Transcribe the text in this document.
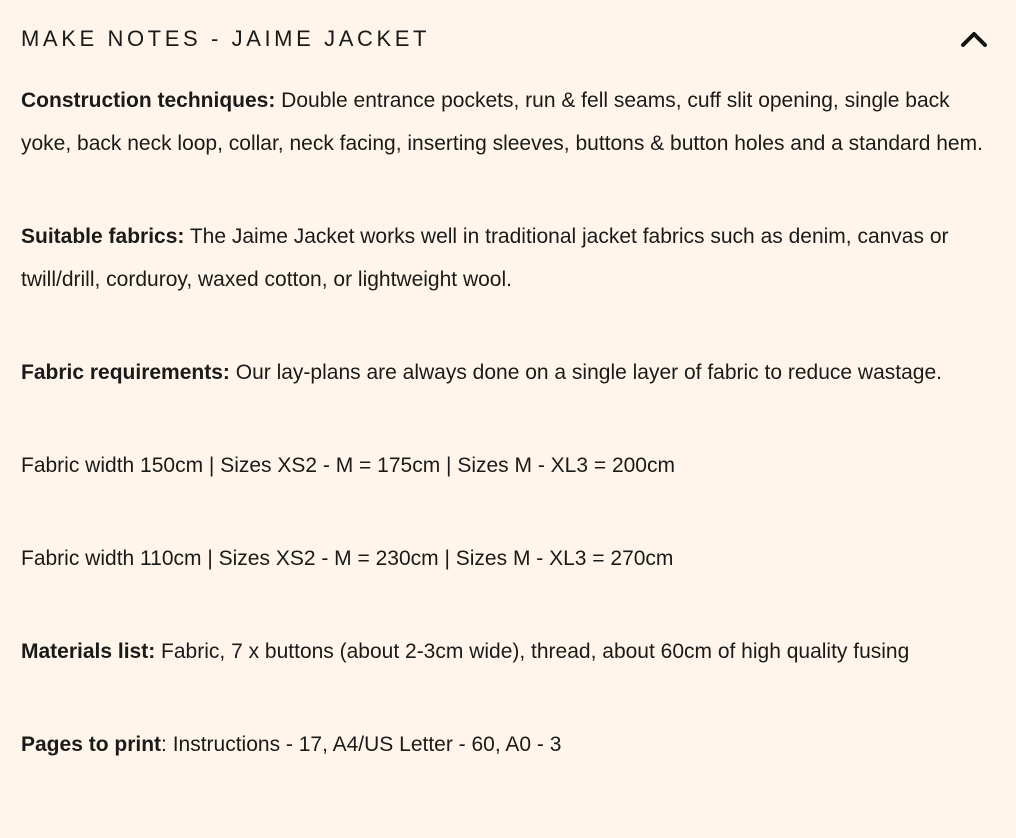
MAKE NOTES - JAIME JACKET

Construction techniques: Double entrance pockets, run & fell seams, cuff slit opening, single back yoke, back neck loop, collar, neck facing, inserting sleeves, buttons & button holes and a standard hem.

Suitable fabrics: The Jaime Jacket works well in traditional jacket fabrics such as denim, canvas or twill/drill, corduroy, waxed cotton, or lightweight wool.

Fabric requirements: Our lay-plans are always done on a single layer of fabric to reduce wastage.

Fabric width 150cm | Sizes XS2 - M = 175cm | Sizes M - XL3 = 200cm

Fabric width 110cm | Sizes XS2 - M = 230cm | Sizes M - XL3 = 270cm

Materials list: Fabric, 7 x buttons (about 2-3cm wide), thread, about 60cm of high quality fusing

Pages to print: Instructions - 17, A4/US Letter - 60, A0 - 3
